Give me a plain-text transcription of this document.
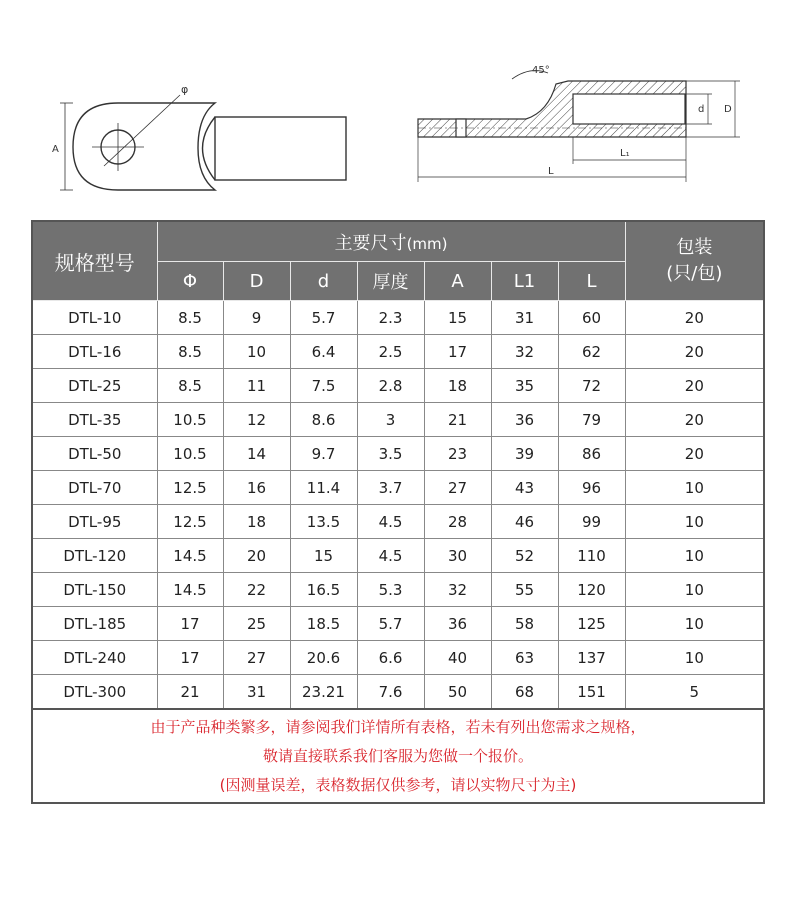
φ
A
45°
d D
L₁
L
规格型号	主要尺寸(mm)							包装
(只/包)
	Φ	D	d	厚度	A	L1	L	
DTL-10	8.5	9	5.7	2.3	15	31	60	20
DTL-16	8.5	10	6.4	2.5	17	32	62	20
DTL-25	8.5	11	7.5	2.8	18	35	72	20
DTL-35	10.5	12	8.6	3	21	36	79	20
DTL-50	10.5	14	9.7	3.5	23	39	86	20
DTL-70	12.5	16	11.4	3.7	27	43	96	10
DTL-95	12.5	18	13.5	4.5	28	46	99	10
DTL-120	14.5	20	15	4.5	30	52	110	10
DTL-150	14.5	22	16.5	5.3	32	55	120	10
DTL-185	17	25	18.5	5.7	36	58	125	10
DTL-240	17	27	20.6	6.6	40	63	137	10
DTL-300	21	31	23.21	7.6	50	68	151	5

由于产品种类繁多，请参阅我们详情所有表格，若未有列出您需求之规格，
敬请直接联系我们客服为您做一个报价。
(因测量误差，表格数据仅供参考，请以实物尺寸为主)								
